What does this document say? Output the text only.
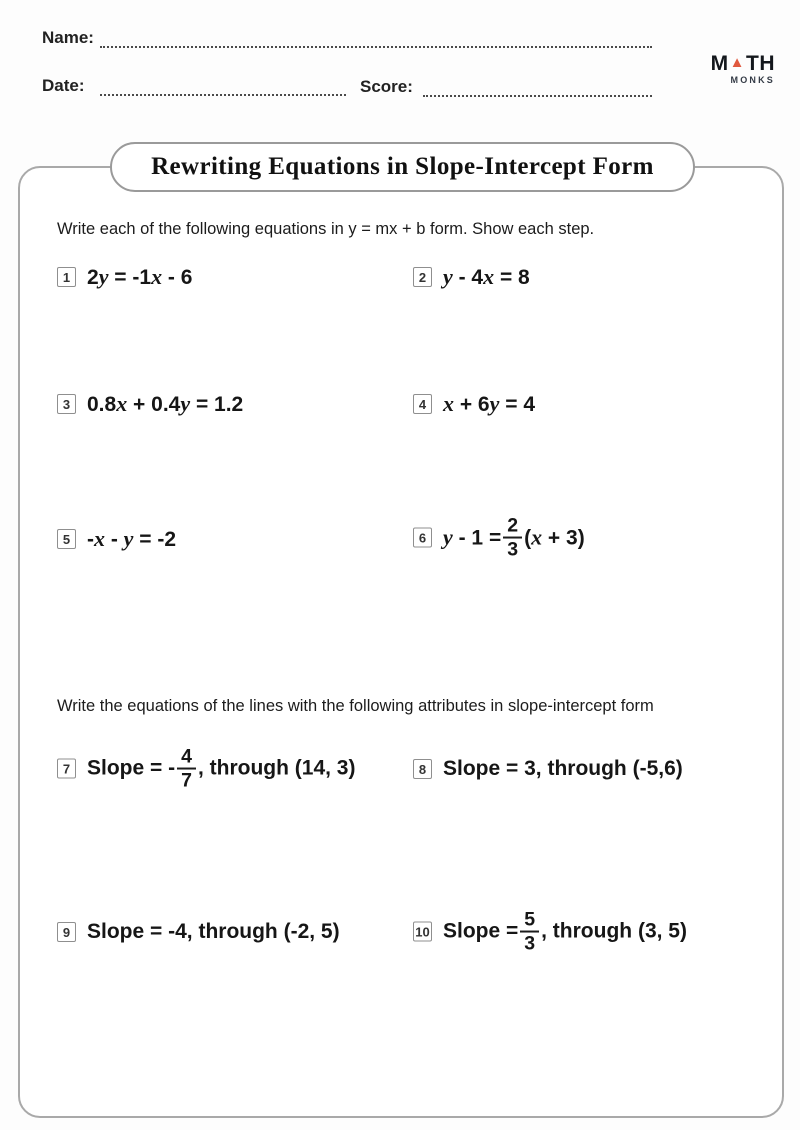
Name:
Date:	Score:
M ▲ TH
MONKS
Rewriting Equations in Slope-Intercept Form
Write each of the following equations in y = mx + b form. Show each step.
Write the equations of the lines with the following attributes in slope-intercept form
1 2y = -1x - 6	2 y - 4x = 8
3 0.8x + 0.4y = 1.2	4 x + 6y = 4
5 -x - y = -2	6 $y - 1 = \frac{2}{3} (x + 3)$
7 Slope = - $\frac{4}{7}$ , through (14, 3)	8 Slope = 3, through (-5,6)
9 Slope = -4, through (-2, 5)	10 Slope = $\frac{5}{3}$ , through (3, 5)
